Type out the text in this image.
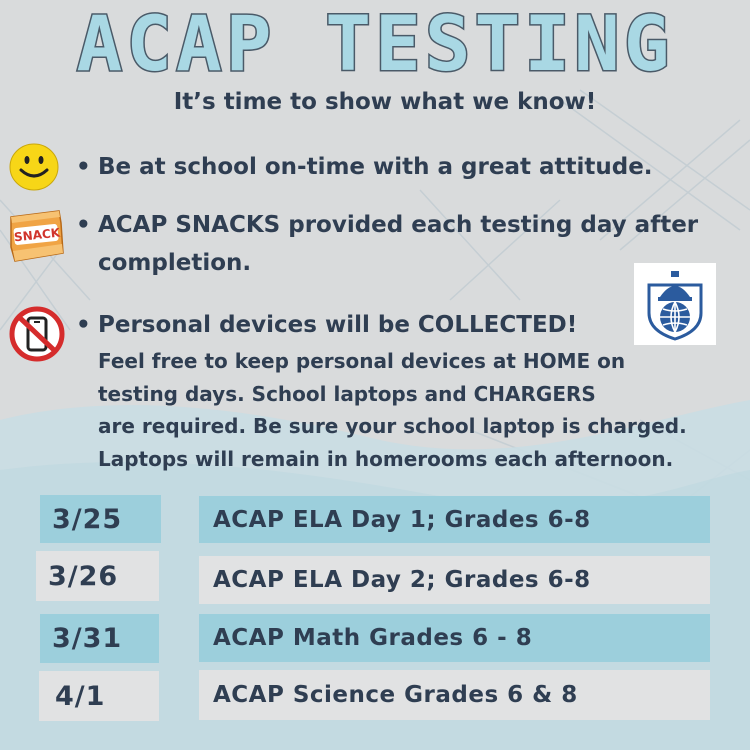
ACAP TESTING
It’s time to show what we know!
SNACK
• Be at school on-time with a great attitude.
• ACAP SNACKS provided each testing day after
completion.
• Personal devices will be COLLECTED!
Feel free to keep personal devices at HOME on
testing days. School laptops and CHARGERS
are required. Be sure your school laptop is charged.
Laptops will remain in homerooms each afternoon.
3/25	ACAP ELA Day 1; Grades 6-8
3/26	ACAP ELA Day 2; Grades 6-8
3/31	ACAP Math Grades 6 - 8
4/1	ACAP Science Grades 6 & 8
